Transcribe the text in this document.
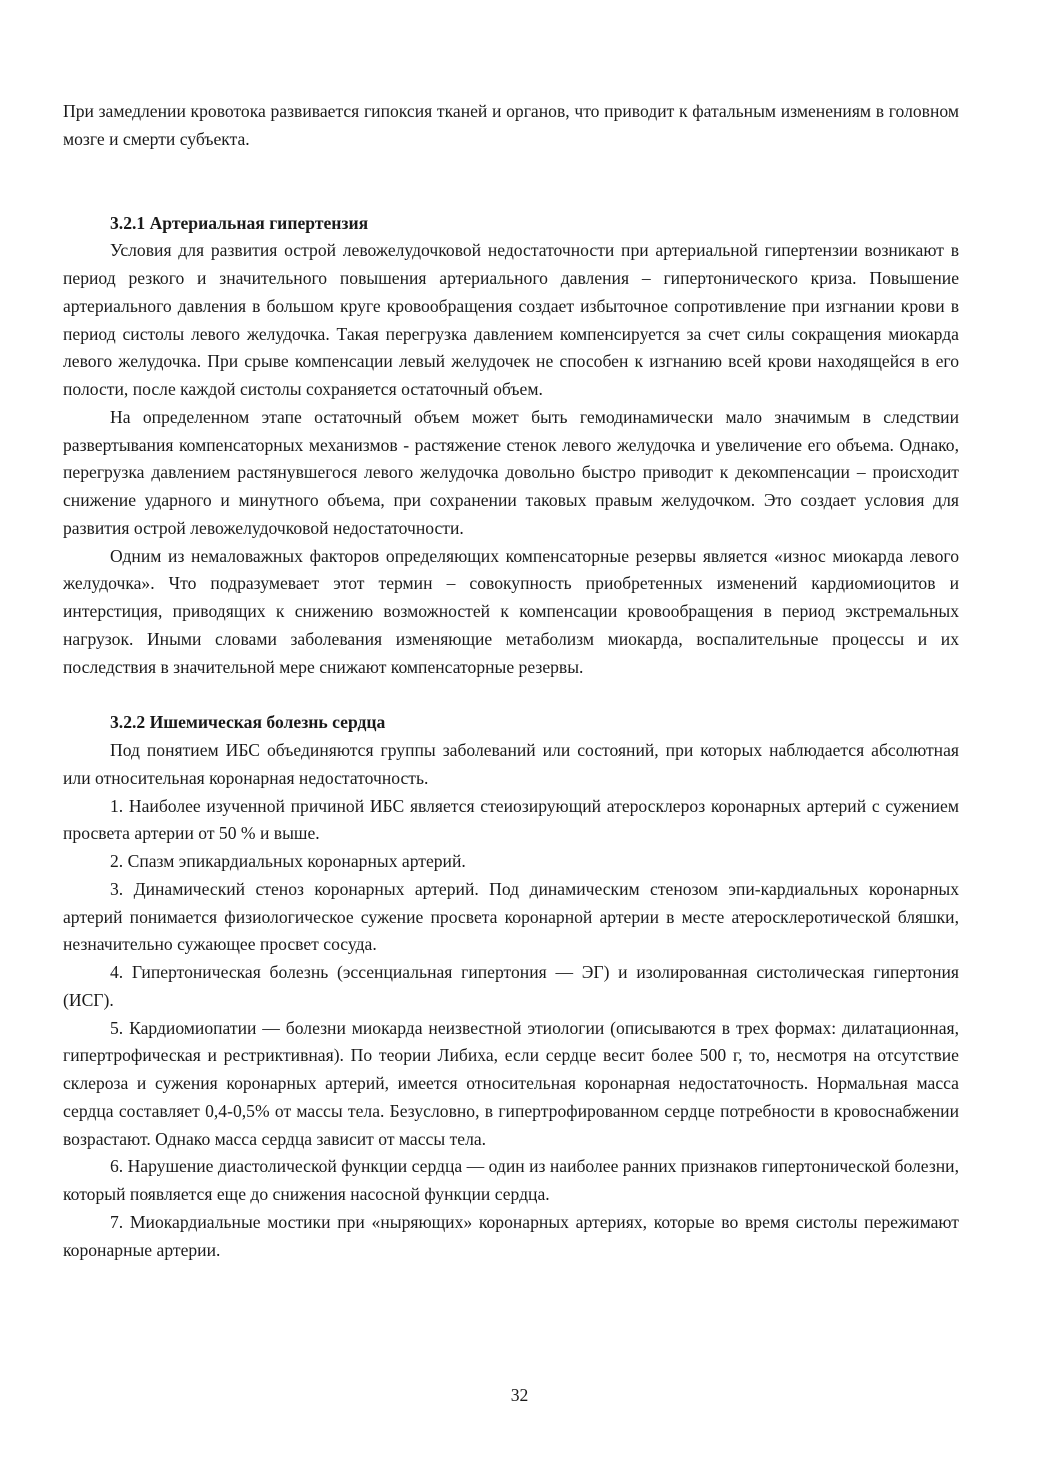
При замедлении кровотока развивается гипоксия тканей и органов, что приводит к фатальным изменениям в головном мозге и смерти субъекта.

3.2.1 Артериальная гипертензия

Условия для развития острой левожелудочковой недостаточности при артериальной гипертензии возникают в период резкого и значительного повышения артериального давления – гипертонического криза. Повышение артериального давления в большом круге кровообращения создает избыточное сопротивление при изгнании крови в период систолы левого желудочка. Такая перегрузка давлением компенсируется за счет силы сокращения миокарда левого желудочка. При срыве компенсации левый желудочек не способен к изгнанию всей крови находящейся в его полости, после каждой систолы сохраняется остаточный объем.

На определенном этапе остаточный объем может быть гемодинамически мало значимым в следствии развертывания компенсаторных механизмов - растяжение стенок левого желудочка и увеличение его объема. Однако, перегрузка давлением растянувшегося левого желудочка довольно быстро приводит к декомпенсации – происходит снижение ударного и минутного объема, при сохранении таковых правым желудочком. Это создает условия для развития острой левожелудочковой недостаточности.

Одним из немаловажных факторов определяющих компенсаторные резервы является «износ миокарда левого желудочка». Что подразумевает этот термин – совокупность приобретенных изменений кардиомиоцитов и интерстиция, приводящих к снижению возможностей к компенсации кровообращения в период экстремальных нагрузок. Иными словами заболевания изменяющие метаболизм миокарда, воспалительные процессы и их последствия в значительной мере снижают компенсаторные резервы.

3.2.2 Ишемическая болезнь сердца

Под понятием ИБС объединяются группы заболеваний или состояний, при которых наблюдается абсолютная или относительная коронарная недостаточность.

1. Наиболее изученной причиной ИБС является стеиозирующий атеросклероз коронарных артерий с сужением просвета артерии от 50 % и выше.

2. Спазм эпикардиальных коронарных артерий.

3. Динамический стеноз коронарных артерий. Под динамическим стенозом эпи-кардиальных коронарных артерий понимается физиологическое сужение просвета коронарной артерии в месте атеросклеротической бляшки, незначительно сужающее просвет сосуда.

4. Гипертоническая болезнь (эссенциальная гипертония — ЭГ) и изолированная систолическая гипертония (ИСГ).

5. Кардиомиопатии — болезни миокарда неизвестной этиологии (описываются в трех формах: дилатационная, гипертрофическая и рестриктивная). По теории Либиха, если сердце весит более 500 г, то, несмотря на отсутствие склероза и сужения коронарных артерий, имеется относительная коронарная недостаточность. Нормальная масса сердца составляет 0,4-0,5% от массы тела. Безусловно, в гипертрофированном сердце потребности в кровоснабжении возрастают. Однако масса сердца зависит от массы тела.

6. Нарушение диастолической функции сердца — один из наиболее ранних признаков гипертонической болезни, который появляется еще до снижения насосной функции сердца.

7. Миокардиальные мостики при «ныряющих» коронарных артериях, которые во время систолы пережимают коронарные артерии.

32
